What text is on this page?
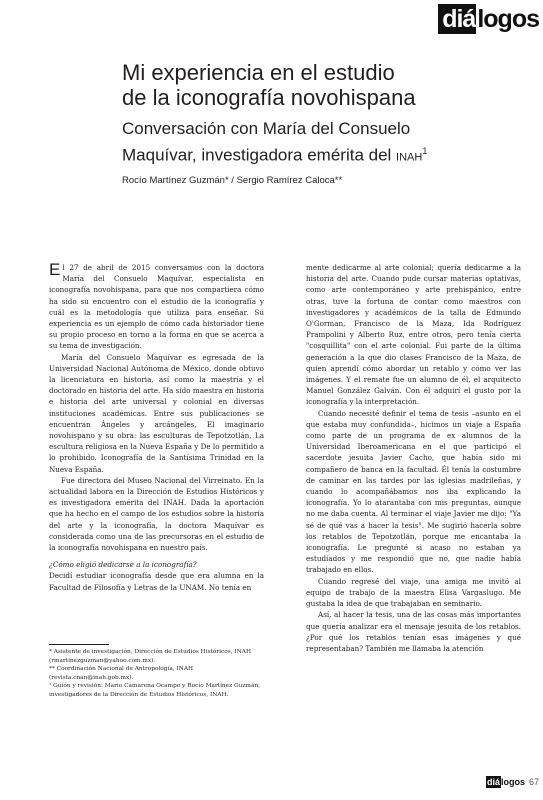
diá logos
Mi experiencia en el estudio
de la iconografía novohispana
Conversación con María del Consuelo
Maquívar, investigadora emérita del INAH$^1$
Rocío Martínez Guzmán* / Sergio Ramírez Caloca**

El 27 de abril de 2015 conversamos con la doctora María del Consuelo Maquívar, especialista en iconografía novohispana, para que nos compartiera cómo ha sido su encuentro con el estudio de la iconografía y cuál es la metodología que utiliza para enseñar. Su experiencia es un ejemplo de cómo cada historiador tiene su propio proceso en torno a la forma en que se acerca a su tema de investigación.

María del Consuelo Maquívar es egresada de la Universidad Nacional Autónoma de México, donde obtuvo la licenciatura en historia, así como la maestría y el doctorado en historia del arte. Ha sido maestra en historia e historia del arte universal y colonial en diversas instituciones académicas. Entre sus publicaciones se encuentran Ángeles y arcángeles, El imaginario novohispano y su obra: las esculturas de Tepotzotlán, La escultura religiosa en la Nueva España y De lo permitido a lo prohibido. Iconografía de la Santísima Trinidad en la Nueva España.

Fue directora del Museo Nacional del Virreinato. En la actualidad labora en la Dirección de Estudios Históricos y es investigadora emérita del INAH. Dada la aportación que ha hecho en el campo de los estudios sobre la historia del arte y la iconografía, la doctora Maquívar es considerada como una de las precursoras en el estudio de la iconografía novohispana en nuestro país.

¿Cómo eligió dedicarse a la iconografía?

Decidí estudiar iconografía desde que era alumna en la Facultad de Filosofía y Letras de la UNAM. No tenía en

mente dedicarme al arte colonial; quería dedicarme a la historia del arte. Cuando pude cursar materias optativas, como arte contemporáneo y arte prehispánico, entre otras, tuve la fortuna de contar como maestros con investigadores y académicos de la talla de Edmundo O'Gorman, Francisco de la Maza, Ida Rodríguez Prampolini y Alberto Ruz, entre otros, pero tenía cierta "cosquillita" con el arte colonial. Fui parte de la última generación a la que dio clases Francisco de la Maza, de quien aprendí cómo abordar un retablo y cómo ver las imágenes. Y el remate fue un alumno de él, el arquitecto Manuel González Galván. Con él adquirí el gusto por la iconografía y la interpretación.

Cuando necesité definir el tema de tesis –asunto en el que estaba muy confundida–, hicimos un viaje a España como parte de un programa de ex alumnos de la Universidad Iberoamericana en el que participó el sacerdote jesuita Javier Cacho, que había sido mi compañero de banca en la facultad. Él tenía la costumbre de caminar en las tardes por las iglesias madrileñas, y cuando lo acompañábamos nos iba explicando la iconografía. Yo lo atarantaba con mis preguntas, aunque no me daba cuenta. Al terminar el viaje Javier me dijo: "Ya sé de qué vas a hacer la tesis". Me sugirió hacerla sobre los retablos de Tepotzotlán, porque me encantaba la iconografía. Le pregunté si acaso no estaban ya estudiados y me respondió que no, que nadie había trabajado en ellos.

Cuando regresé del viaje, una amiga me invitó al equipo de trabajo de la maestra Elisa Vargaslugo. Me gustaba la idea de que trabajaban en seminario.

Así, al hacer la tesis, una de las cosas más importantes que quería analizar era el mensaje jesuita de los retablos. ¿Por qué los retablos tenían esas imágenes y qué representaban? También me llamaba la atención

* Asistente de investigación, Dirección de Estudios Históricos, INAH (rmartinezguzman@yahoo.com.mx).
** Coordinación Nacional de Antropología, INAH (revista.cnan@inah.gob.mx).
¹ Guión y revisión: Mario Camarena Ocampo y Rocío Martínez Guzmán, investigadores de la Dirección de Estudios Históricos, INAH.
diá logos 67
